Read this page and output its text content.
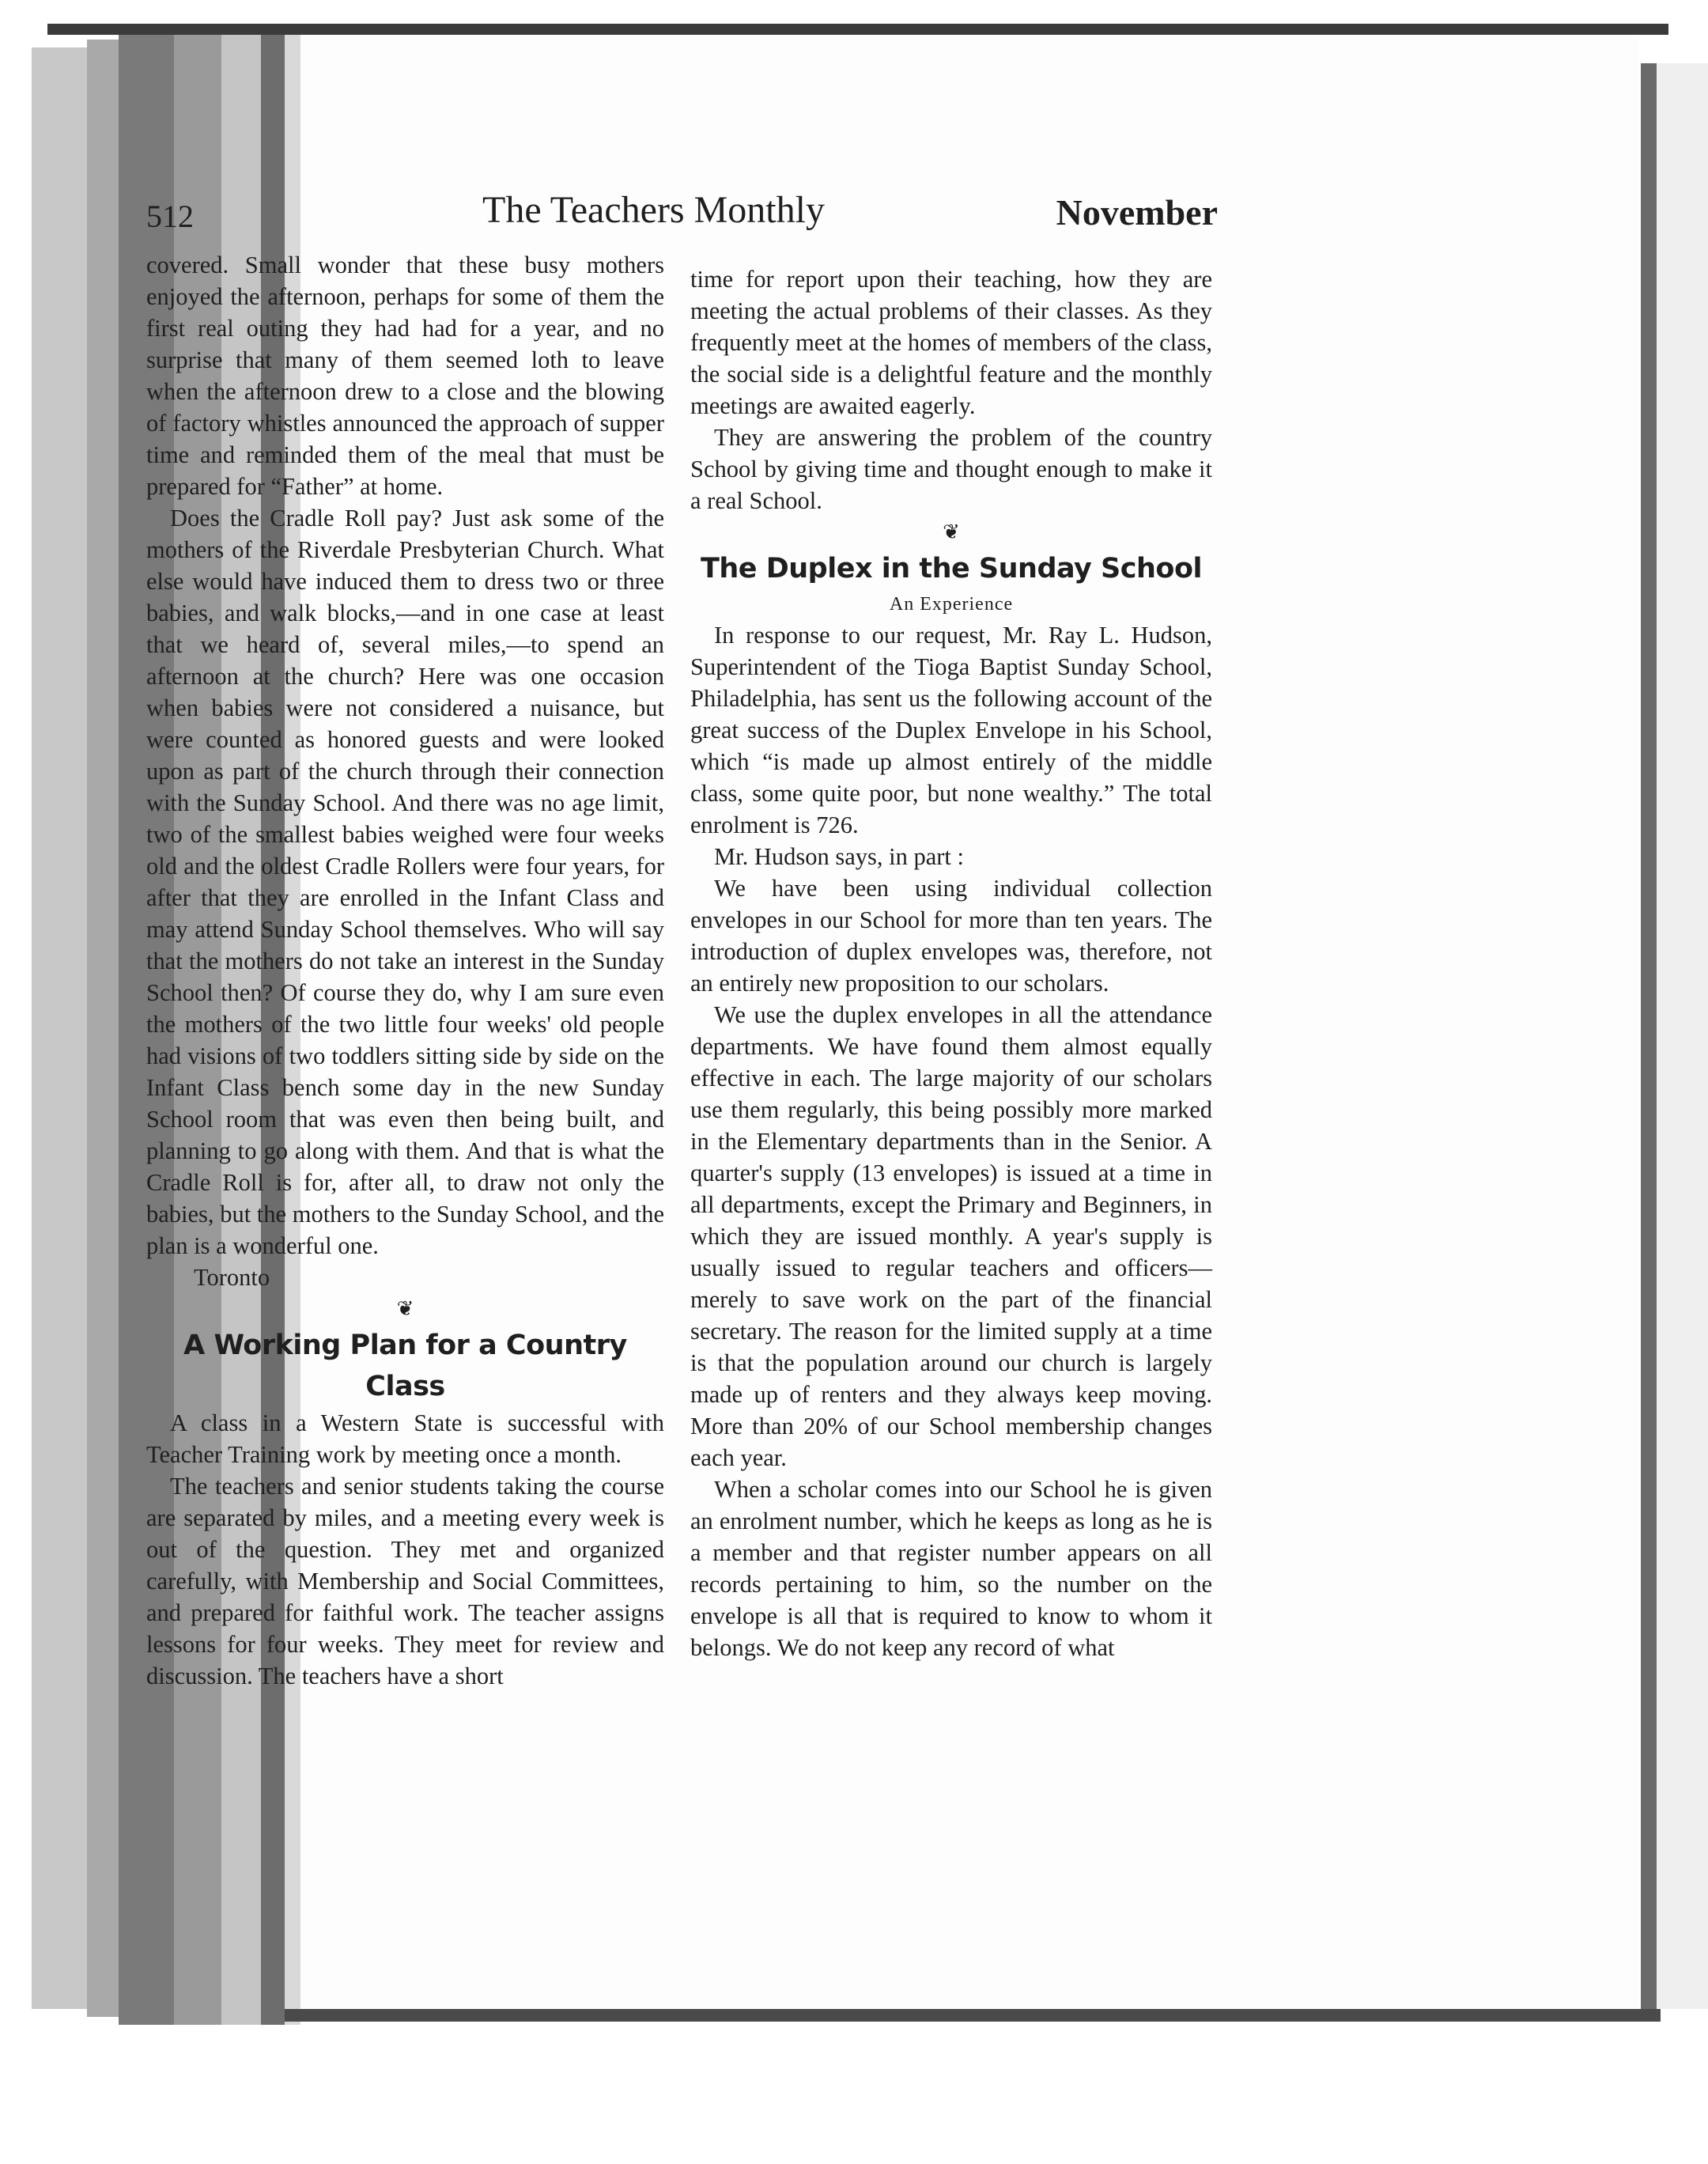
512	The Teachers Monthly	November

covered. Small wonder that these busy mothers enjoyed the afternoon, perhaps for some of them the first real outing they had had for a year, and no surprise that many of them seemed loth to leave when the afternoon drew to a close and the blowing of factory whistles announced the approach of supper time and reminded them of the meal that must be prepared for “Father” at home.

Does the Cradle Roll pay? Just ask some of the mothers of the Riverdale Presbyterian Church. What else would have induced them to dress two or three babies, and walk blocks,—and in one case at least that we heard of, several miles,—to spend an afternoon at the church? Here was one occasion when babies were not considered a nuisance, but were counted as honored guests and were looked upon as part of the church through their connection with the Sunday School. And there was no age limit, two of the smallest babies weighed were four weeks old and the oldest Cradle Rollers were four years, for after that they are enrolled in the Infant Class and may attend Sunday School themselves. Who will say that the mothers do not take an interest in the Sunday School then? Of course they do, why I am sure even the mothers of the two little four weeks' old people had visions of two toddlers sitting side by side on the Infant Class bench some day in the new Sunday School room that was even then being built, and planning to go along with them. And that is what the Cradle Roll is for, after all, to draw not only the babies, but the mothers to the Sunday School, and the plan is a wonderful one.

Toronto

❦
A Working Plan for a Country Class

A class in a Western State is successful with Teacher Training work by meeting once a month.

The teachers and senior students taking the course are separated by miles, and a meeting every week is out of the question. They met and organized carefully, with Membership and Social Committees, and prepared for faithful work. The teacher assigns lessons for four weeks. They meet for review and discussion. The teachers have a short

time for report upon their teaching, how they are meeting the actual problems of their classes. As they frequently meet at the homes of members of the class, the social side is a delightful feature and the monthly meetings are awaited eagerly.

They are answering the problem of the country School by giving time and thought enough to make it a real School.

❦
The Duplex in the Sunday School
An Experience

In response to our request, Mr. Ray L. Hudson, Superintendent of the Tioga Baptist Sunday School, Philadelphia, has sent us the following account of the great success of the Duplex Envelope in his School, which “is made up almost entirely of the middle class, some quite poor, but none wealthy.” The total enrolment is 726.

Mr. Hudson says, in part :

We have been using individual collection envelopes in our School for more than ten years. The introduction of duplex envelopes was, therefore, not an entirely new proposition to our scholars.

We use the duplex envelopes in all the attendance departments. We have found them almost equally effective in each. The large majority of our scholars use them regularly, this being possibly more marked in the Elementary departments than in the Senior. A quarter's supply (13 envelopes) is issued at a time in all departments, except the Primary and Beginners, in which they are issued monthly. A year's supply is usually issued to regular teachers and officers—merely to save work on the part of the financial secretary. The reason for the limited supply at a time is that the population around our church is largely made up of renters and they always keep moving. More than 20% of our School membership changes each year.

When a scholar comes into our School he is given an enrolment number, which he keeps as long as he is a member and that register number appears on all records pertaining to him, so the number on the envelope is all that is required to know to whom it belongs. We do not keep any record of what
